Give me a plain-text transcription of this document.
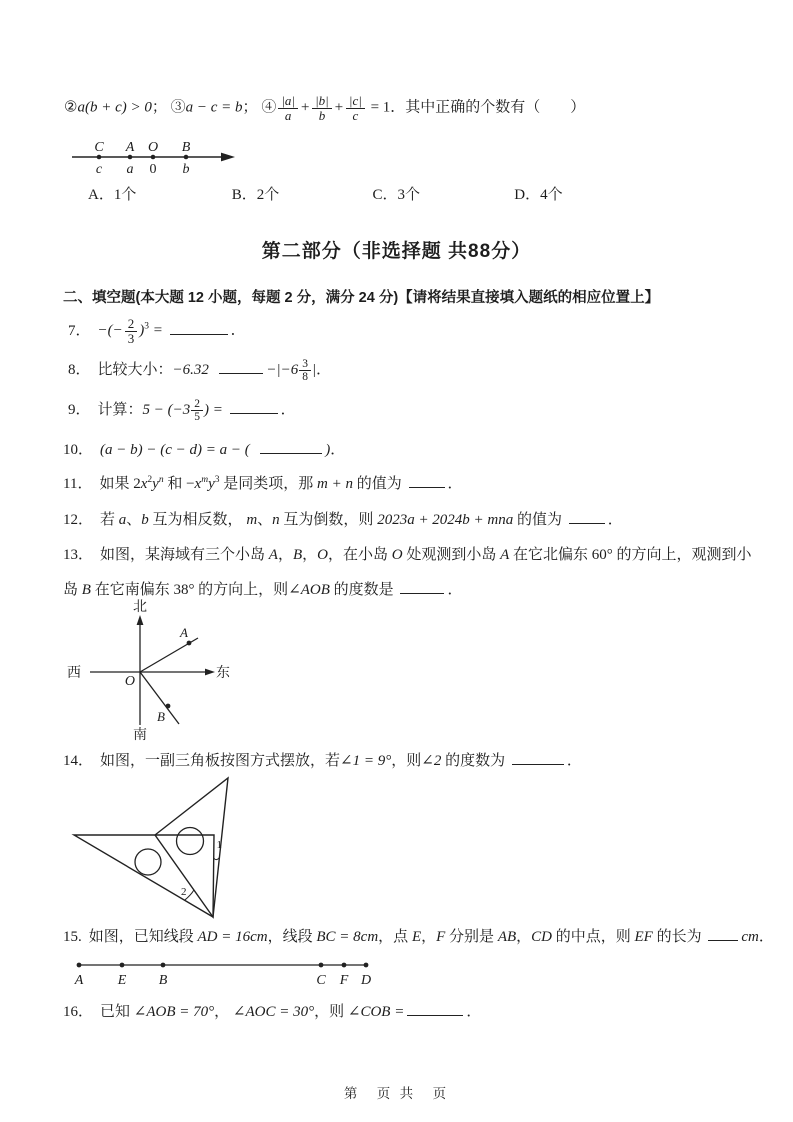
②a(b + c) > 0； ③a − c = b； ④ $\frac{|a|}{a} + \frac{|b|}{b} + \frac{|c|}{c} = 1$．其中正确的个数有（　　）
C A O B
c a 0 b
A．1个	B．2个	C．3个	D．4个
第二部分（非选择题 共88分）
二、填空题(本大题 12 小题，每题 2 分，满分 24 分)【请将结果直接填入题纸的相应位置上】
7． −(− $\frac{2}{3} )^3$ =	．
8． 比较大小：−6.32 	$-|-6 \frac{3}{8}$ |．
9． 计算：$5 - (-3 \frac{2}{5}$ ) =	．
10． (a − b) − (c − d) = a − ( 	)．
11． 如果 $2x^2y^n$ 和 $-x^my^3$ 是同类项，那 m + n 的值为	．
12． 若 a、b 互为相反数， m、n 互为倒数，则 2023a + 2024b + mna 的值为	．
13． 如图，某海域有三个小岛 A，B，O，在小岛 O 处观测到小岛 A 在它北偏东 60° 的方向上，观测到小
岛 B 在它南偏东 38° 的方向上，则∠AOB 的度数是	．
北
南
西	东
O
A
B
14． 如图，一副三角板按图方式摆放，若∠1 = 9°，则∠2 的度数为	．
1
2
15. 如图，已知线段 AD = 16cm，线段 BC = 8cm，点 E，F 分别是 AB，CD 的中点，则 EF 的长为 cm．
A E B	C F D
16． 已知 ∠AOB = 70°， ∠AOC = 30°，则 ∠COB =	．
第　页 共　页
